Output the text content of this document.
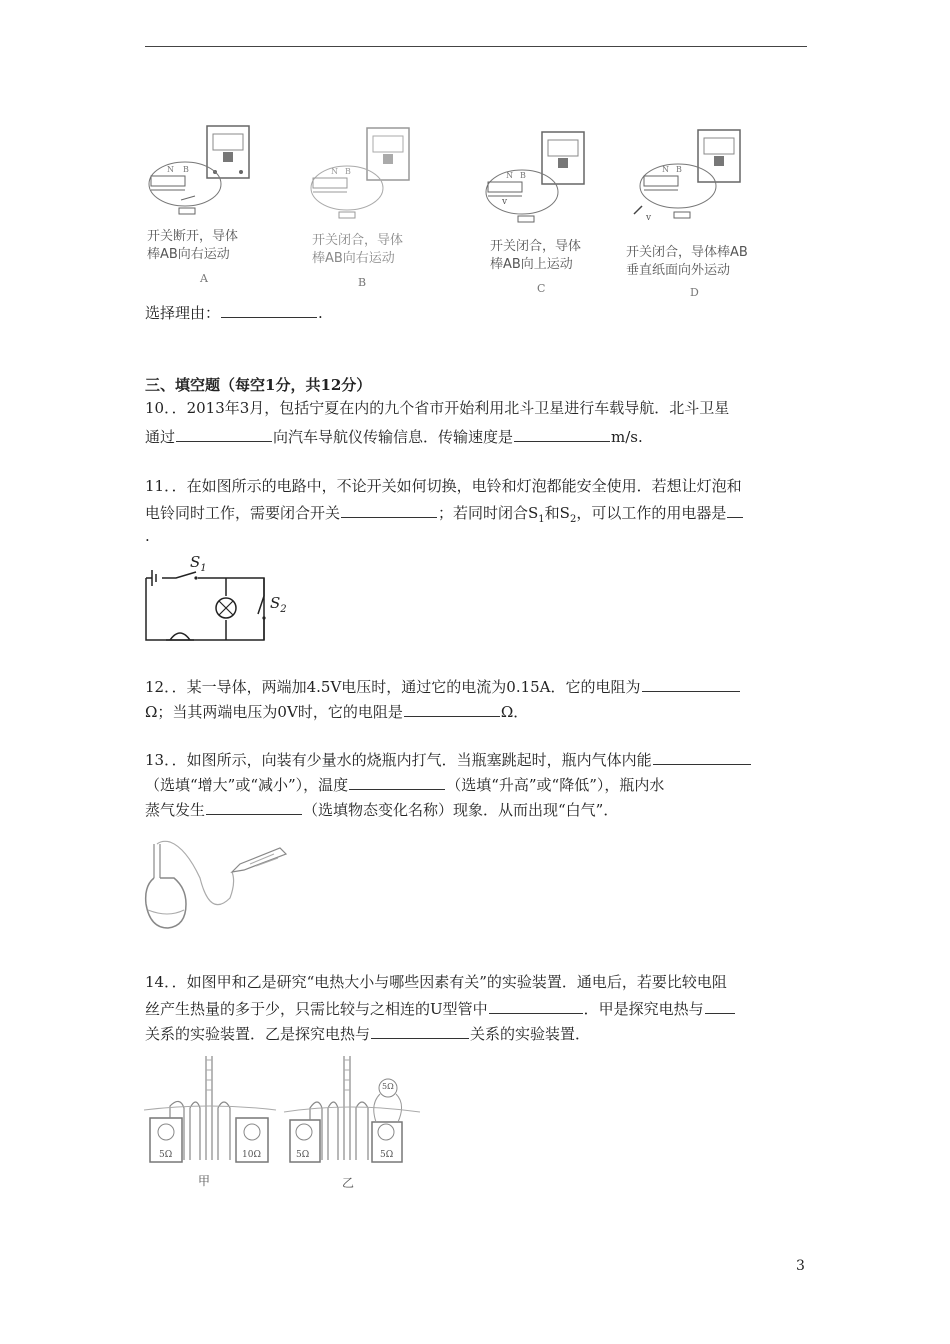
N B
开关断开，导体
棒AB向右运动
A
N B
开关闭合，导体
棒AB向右运动
B
N B
v
开关闭合，导体
棒AB向上运动
C
N B
v
开关闭合，导体棒AB
垂直纸面向外运动
D
选择理由：	.
三、填空题（每空1分，共12分）
10．．2013年3月，包括宁夏在内的九个省市开始利用北斗卫星进行车载导航．北斗卫星
通过	向汽车导航仪传输信息．传输速度是	m/s.
11．．在如图所示的电路中，不论开关如何切换，电铃和灯泡都能安全使用．若想让灯泡和
电铃同时工作，需要闭合开关	；若同时闭合$S_1$和$S_2$，可以工作的用电器是
.
$S_1$
$S_2$
12．．某一导体，两端加4.5V电压时，通过它的电流为0.15A．它的电阻为
Ω；当其两端电压为0V时，它的电阻是	Ω．
13．．如图所示，向装有少量水的烧瓶内打气．当瓶塞跳起时，瓶内气体内能
（选填“增大”或“减小”），温度	（选填“升高”或“降低”），瓶内水
蒸气发生	（选填物态变化名称）现象．从而出现“白气”．
14．．如图甲和乙是研究“电热大小与哪些因素有关”的实验装置．通电后，若要比较电阻
丝产生热量的多于少，只需比较与之相连的U型管中	．甲是探究电热与
关系的实验装置．乙是探究电热与	关系的实验装置．
5Ω	10Ω	5Ω	5Ω
5Ω
甲	乙
3
